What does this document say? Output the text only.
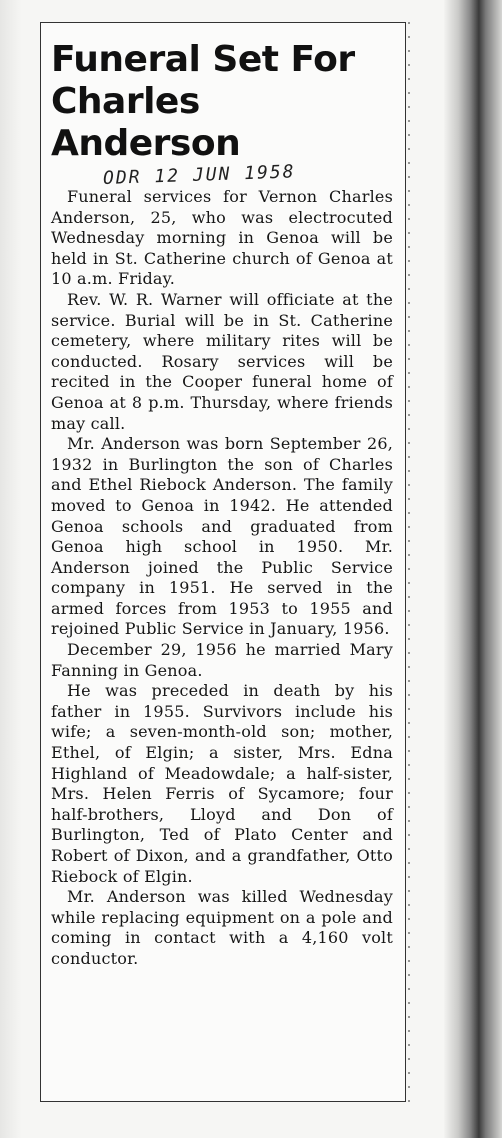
Funeral Set For
Charles Anderson
ODR 12 JUN 1958

Funeral services for Vernon Charles Anderson, 25, who was electrocuted Wednesday morning in Genoa will be held in St. Catherine church of Genoa at 10 a.m. Friday.

Rev. W. R. Warner will officiate at the service. Burial will be in St. Catherine cemetery, where military rites will be conducted. Rosary services will be recited in the Cooper funeral home of Genoa at 8 p.m. Thursday, where friends may call.

Mr. Anderson was born September 26, 1932 in Burlington the son of Charles and Ethel Riebock Anderson. The family moved to Genoa in 1942. He attended Genoa schools and graduated from Genoa high school in 1950. Mr. Anderson joined the Public Service company in 1951. He served in the armed forces from 1953 to 1955 and rejoined Public Service in January, 1956.

December 29, 1956 he married Mary Fanning in Genoa.

He was preceded in death by his father in 1955. Survivors include his wife; a seven-month-old son; mother, Ethel, of Elgin; a sister, Mrs. Edna Highland of Meadowdale; a half-sister, Mrs. Helen Ferris of Sycamore; four half-brothers, Lloyd and Don of Burlington, Ted of Plato Center and Robert of Dixon, and a grandfather, Otto Riebock of Elgin.

Mr. Anderson was killed Wednesday while replacing equipment on a pole and coming in contact with a 4,160 volt conductor.
